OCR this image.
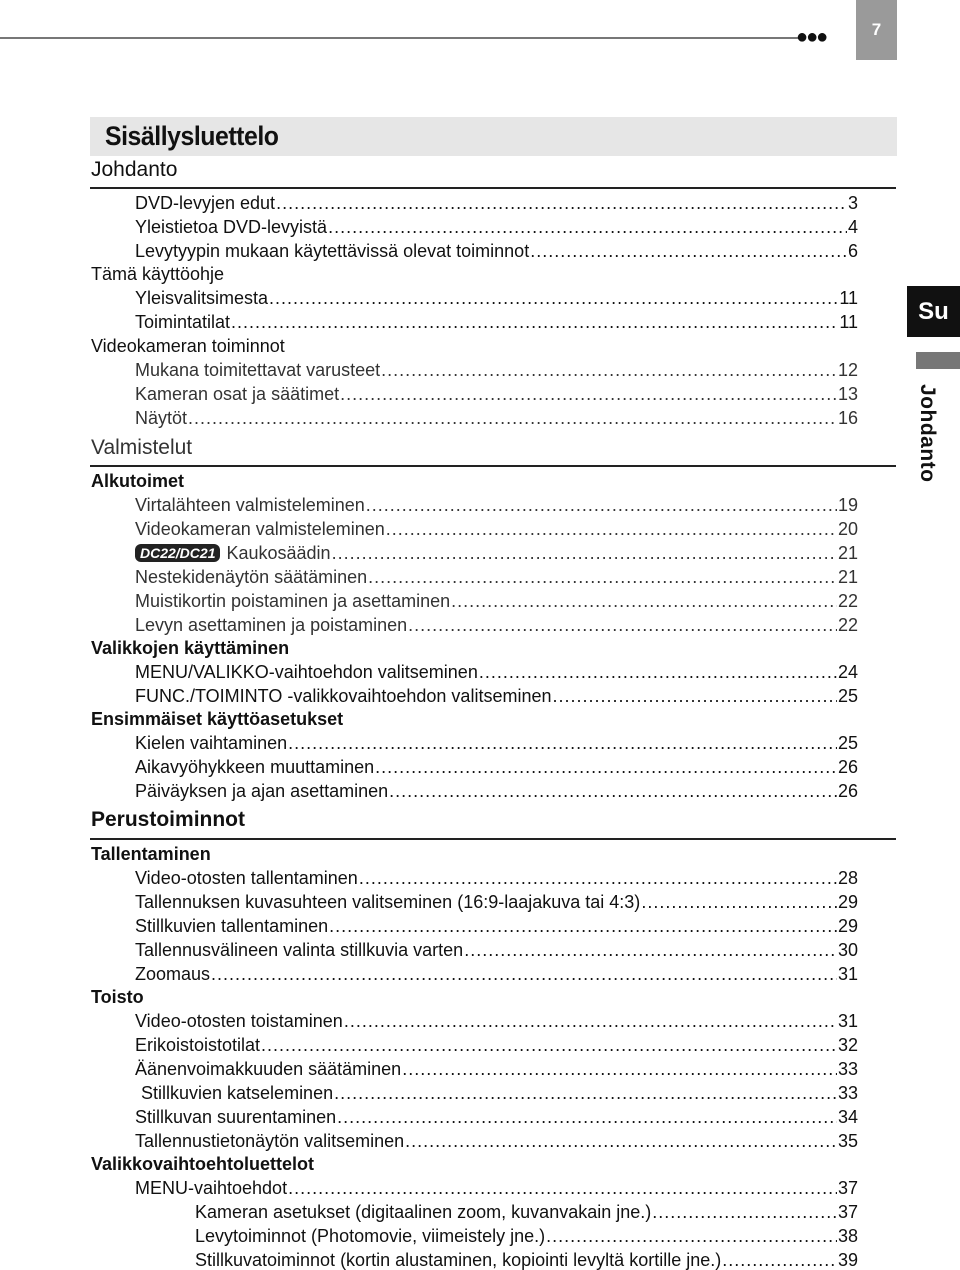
●●●	7
Sisällysluettelo
Su
Johdanto
Johdanto
DVD-levyjen edut .....	3
Yleistietoa DVD-levyistä .....	4
Levytyypin mukaan käytettävissä olevat toiminnot .....	6
Tämä käyttöohje
Yleisvalitsimesta .....	11
Toimintatilat .....	11
Videokameran toiminnot
Mukana toimitettavat varusteet .....	12
Kameran osat ja säätimet .....	13
Näytöt .....	16
Valmistelut
Alkutoimet
Virtalähteen valmisteleminen .....	19
Videokameran valmisteleminen .....	20
DC22/DC21 Kaukosäädin .....	21
Nestekidenäytön säätäminen .....	21
Muistikortin poistaminen ja asettaminen .....	22
Levyn asettaminen ja poistaminen .....	22
Valikkojen käyttäminen
MENU/VALIKKO-vaihtoehdon valitseminen .....	24
FUNC./TOIMINTO -valikkovaihtoehdon valitseminen .....	25
Ensimmäiset käyttöasetukset
Kielen vaihtaminen .....	25
Aikavyöhykkeen muuttaminen .....	26
Päiväyksen ja ajan asettaminen .....	26
Perustoiminnot
Tallentaminen
Video-otosten tallentaminen .....	28
Tallennuksen kuvasuhteen valitseminen (16:9-laajakuva tai 4:3) .....	29
Stillkuvien tallentaminen .....	29
Tallennusvälineen valinta stillkuvia varten .....	30
Zoomaus .....	31
Toisto
Video-otosten toistaminen .....	31
Erikoistoistotilat .....	32
Äänenvoimakkuuden säätäminen .....	33
Stillkuvien katseleminen .....	33
Stillkuvan suurentaminen .....	34
Tallennustietonäytön valitseminen .....	35
Valikkovaihtoehtoluettelot
MENU-vaihtoehdot .....	37
Kameran asetukset (digitaalinen zoom, kuvanvakain jne.) .....	37
Levytoiminnot (Photomovie, viimeistely jne.) .....	38
Stillkuvatoiminnot (kortin alustaminen, kopiointi levyltä kortille jne.) .....	39
